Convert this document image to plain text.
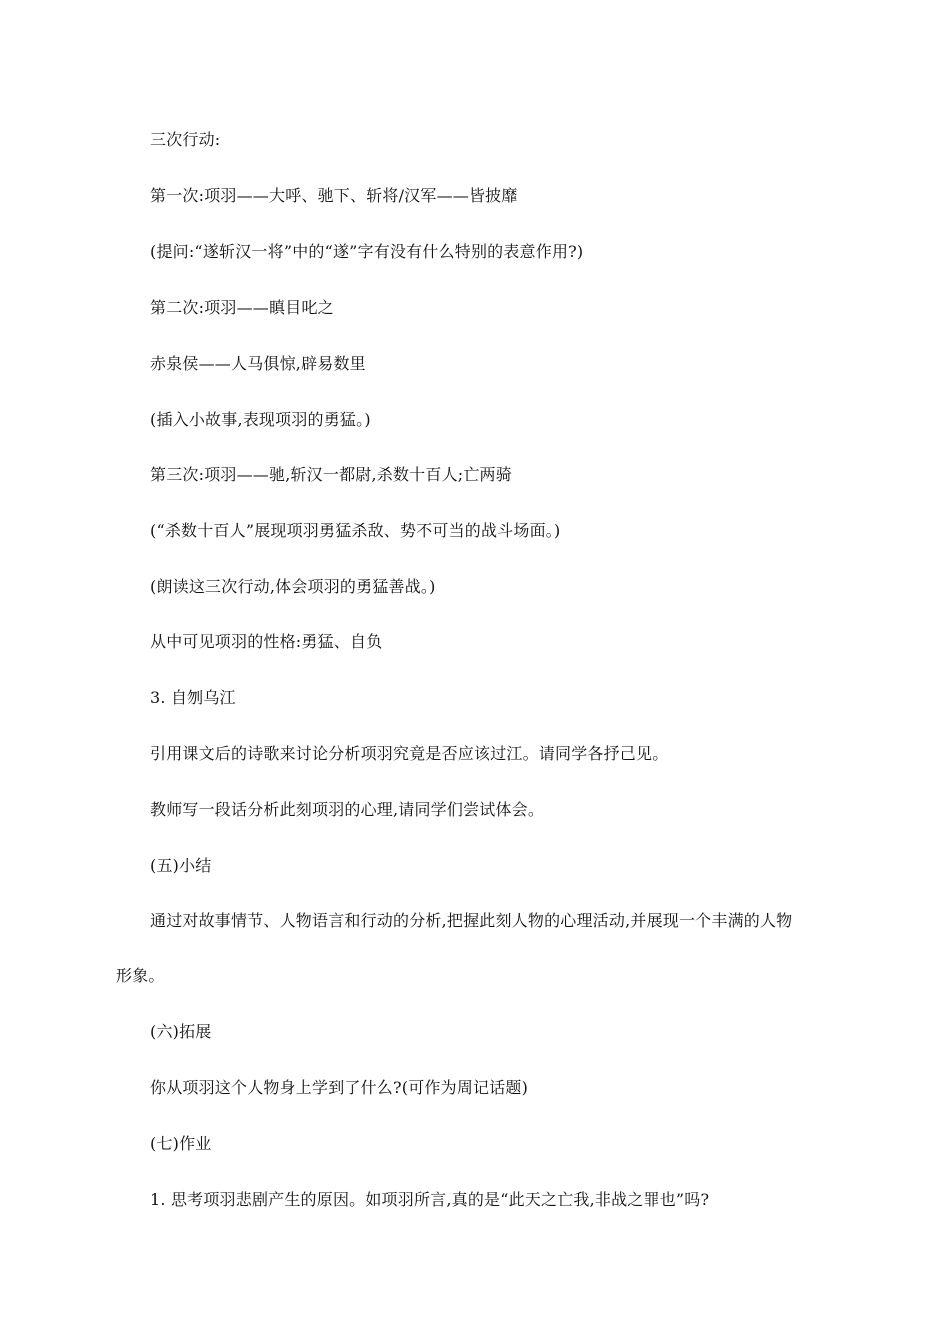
三次行动:
第一次:项羽——大呼、驰下、斩将/汉军——皆披靡
(提问:“遂斩汉一将”中的“遂”字有没有什么特别的表意作用?)
第二次:项羽——瞋目叱之
赤泉侯——人马俱惊,辟易数里
(插入小故事,表现项羽的勇猛。)
第三次:项羽——驰,斩汉一都尉,杀数十百人;亡两骑
(“杀数十百人”展现项羽勇猛杀敌、势不可当的战斗场面。)
(朗读这三次行动,体会项羽的勇猛善战。)
从中可见项羽的性格:勇猛、自负
3. 自刎乌江
引用课文后的诗歌来讨论分析项羽究竟是否应该过江。请同学各抒己见。
教师写一段话分析此刻项羽的心理,请同学们尝试体会。
(五)小结
通过对故事情节、人物语言和行动的分析,把握此刻人物的心理活动,并展现一个丰满的人物
形象。
(六)拓展
你从项羽这个人物身上学到了什么?(可作为周记话题)
(七)作业
1. 思考项羽悲剧产生的原因。如项羽所言,真的是“此天之亡我,非战之罪也”吗?
